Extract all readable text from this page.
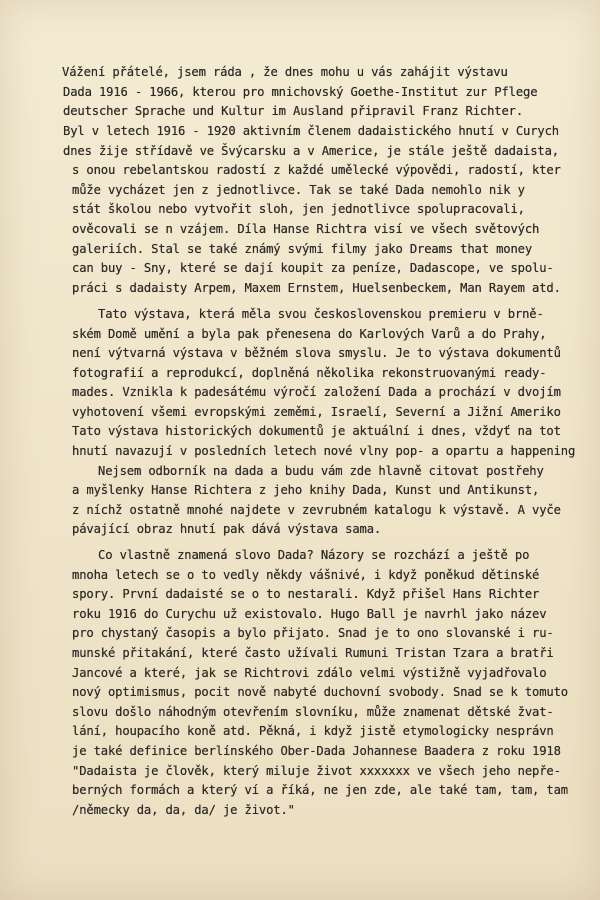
Vážení přátelé, jsem ráda , že dnes mohu u vás zahájit výstavu

Dada 1916 - 1966, kterou pro mnichovský Goethe-Institut zur Pflege

deutscher Sprache und Kultur im Ausland připravil Franz Richter.

Byl v letech 1916 - 1920 aktivním členem dadaistického hnutí v Curych

dnes žije střídavě ve Švýcarsku a v Americe, je stále ještě dadaista,

s onou rebelantskou radostí z každé umělecké výpovědi, radostí, kter

může vycházet jen z jednotlivce. Tak se také Dada nemohlo nik y

stát školou nebo vytvořit sloh, jen jednotlivce spolupracovali,

ověcovali se n vzájem. Díla Hanse Richtra visí ve všech světových

galeriích. Stal se také známý svými filmy jako Dreams that money

can buy - Sny, které se dají koupit za peníze, Dadascope, ve spolu-

práci s dadaisty Arpem, Maxem Ernstem, Huelsenbeckem, Man Rayem atd.

Tato výstava, která měla svou československou premieru v brně-

ském Domě umění a byla pak přenesena do Karlových Varů a do Prahy,

není výtvarná výstava v běžném slova smyslu. Je to výstava dokumentů

fotografií a reprodukcí, doplněná několika rekonstruovanými ready-

mades. Vznikla k padesátému výročí založení Dada a prochází v dvojím

vyhotovení všemi evropskými zeměmi, Israelí, Severní a Jižní Ameriko

Tato výstava historických dokumentů je aktuální i dnes, vždyť na tot

hnutí navazují v posledních letech nové vlny pop- a opartu a happening

Nejsem odborník na dada a budu vám zde hlavně citovat postřehy

a myšlenky Hanse Richtera z jeho knihy Dada, Kunst und Antikunst,

z níchž ostatně mnohé najdete v zevrubném katalogu k výstavě. A vyče

pávající obraz hnutí pak dává výstava sama.

Co vlastně znamená slovo Dada? Názory se rozchází a ještě po

mnoha letech se o to vedly někdy vášnivé, i když poněkud dětinské

spory. První dadaisté se o to nestarali. Když přišel Hans Richter

roku 1916 do Curychu už existovalo. Hugo Ball je navrhl jako název

pro chystaný časopis a bylo přijato. Snad je to ono slovanské i ru-

munské přitakání, které často užívali Rumuni Tristan Tzara a bratři

Jancové a které, jak se Richtrovi zdálo velmi výstižně vyjadřovalo

nový optimismus, pocit nově nabyté duchovní svobody. Snad se k tomuto

slovu došlo náhodným otevřením slovníku, může znamenat dětské žvat-

lání, houpacího koně atd. Pěkná, i když jistě etymologicky nesprávn

je také definice berlínského Ober-Dada Johannese Baadera z roku 1918

"Dadaista je člověk, který miluje život xxxxxxx ve všech jeho nepře-

berných formách a který ví a říká, ne jen zde, ale také tam, tam, tam

/německy da, da, da/ je život."
